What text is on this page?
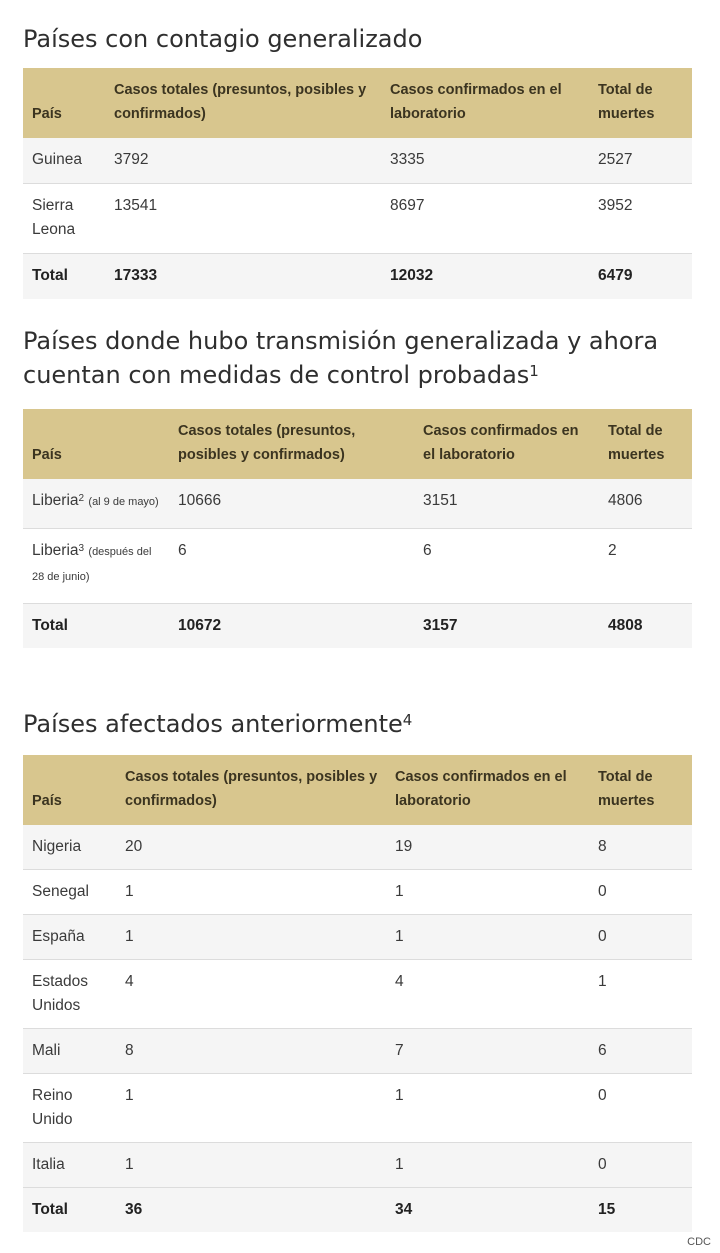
Países con contagio generalizado
País	Casos totales (presuntos, posibles y confirmados)	Casos confirmados en el laboratorio	Total de muertes
Guinea	3792	3335	2527
Sierra Leona	13541	8697	3952
Total	17333	12032	6479
Países donde hubo transmisión generalizada y ahora cuentan con medidas de control probadas$^1$
País	Casos totales (presuntos, posibles y confirmados)	Casos confirmados en el laboratorio	Total de muertes
Liberia$^2$ (al 9 de mayo)	10666	3151	4806
Liberia$^3$ (después del 28 de junio)	6	6	2
Total	10672	3157	4808
Países afectados anteriormente$^4$
País	Casos totales (presuntos, posibles y confirmados)	Casos confirmados en el laboratorio	Total de muertes
Nigeria	20	19	8
Senegal	1	1	0
España	1	1	0
Estados Unidos	4	4	1
Mali	8	7	6
Reino Unido	1	1	0
Italia	1	1	0
Total	36	34	15
CDC
